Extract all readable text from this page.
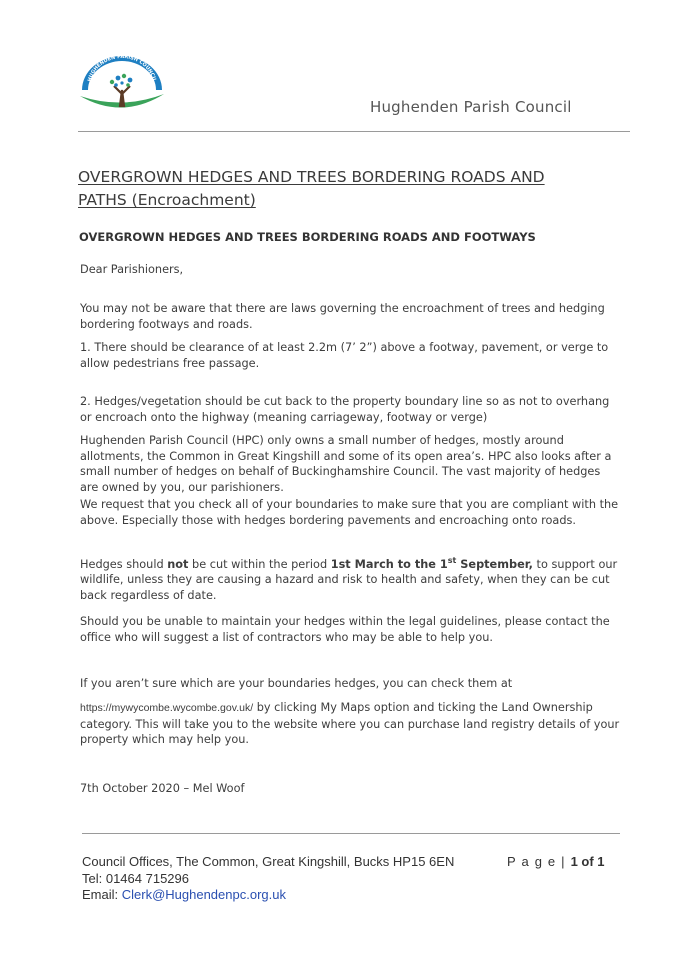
HUGHENDEN PARISH COUNCIL
Hughenden Parish Council
OVERGROWN HEDGES AND TREES BORDERING ROADS AND PATHS (Encroachment)
OVERGROWN HEDGES AND TREES BORDERING ROADS AND FOOTWAYS
Dear Parishioners,
You may not be aware that there are laws governing the encroachment of trees and hedging bordering footways and roads.
1. There should be clearance of at least 2.2m (7’ 2”) above a footway, pavement, or verge to allow pedestrians free passage.
2. Hedges/vegetation should be cut back to the property boundary line so as not to overhang or encroach onto the highway (meaning carriageway, footway or verge)
Hughenden Parish Council (HPC) only owns a small number of hedges, mostly around allotments, the Common in Great Kingshill and some of its open area’s. HPC also looks after a small number of hedges on behalf of Buckinghamshire Council. The vast majority of hedges are owned by you, our parishioners.
We request that you check all of your boundaries to make sure that you are compliant with the above. Especially those with hedges bordering pavements and encroaching onto roads.
Hedges should not be cut within the period 1st March to the 1st September, to support our wildlife, unless they are causing a hazard and risk to health and safety, when they can be cut back regardless of date.
Should you be unable to maintain your hedges within the legal guidelines, please contact the office who will suggest a list of contractors who may be able to help you.
If you aren’t sure which are your boundaries hedges, you can check them at
https://mywycombe.wycombe.gov.uk/ by clicking My Maps option and ticking the Land Ownership category. This will take you to the website where you can purchase land registry details of your property which may help you.
7th October 2020 – Mel Woof
Council Offices, The Common, Great Kingshill, Bucks HP15 6EN
Tel: 01464 715296
Email: Clerk@Hughendenpc.org.uk
P a g e | 1 of 1
